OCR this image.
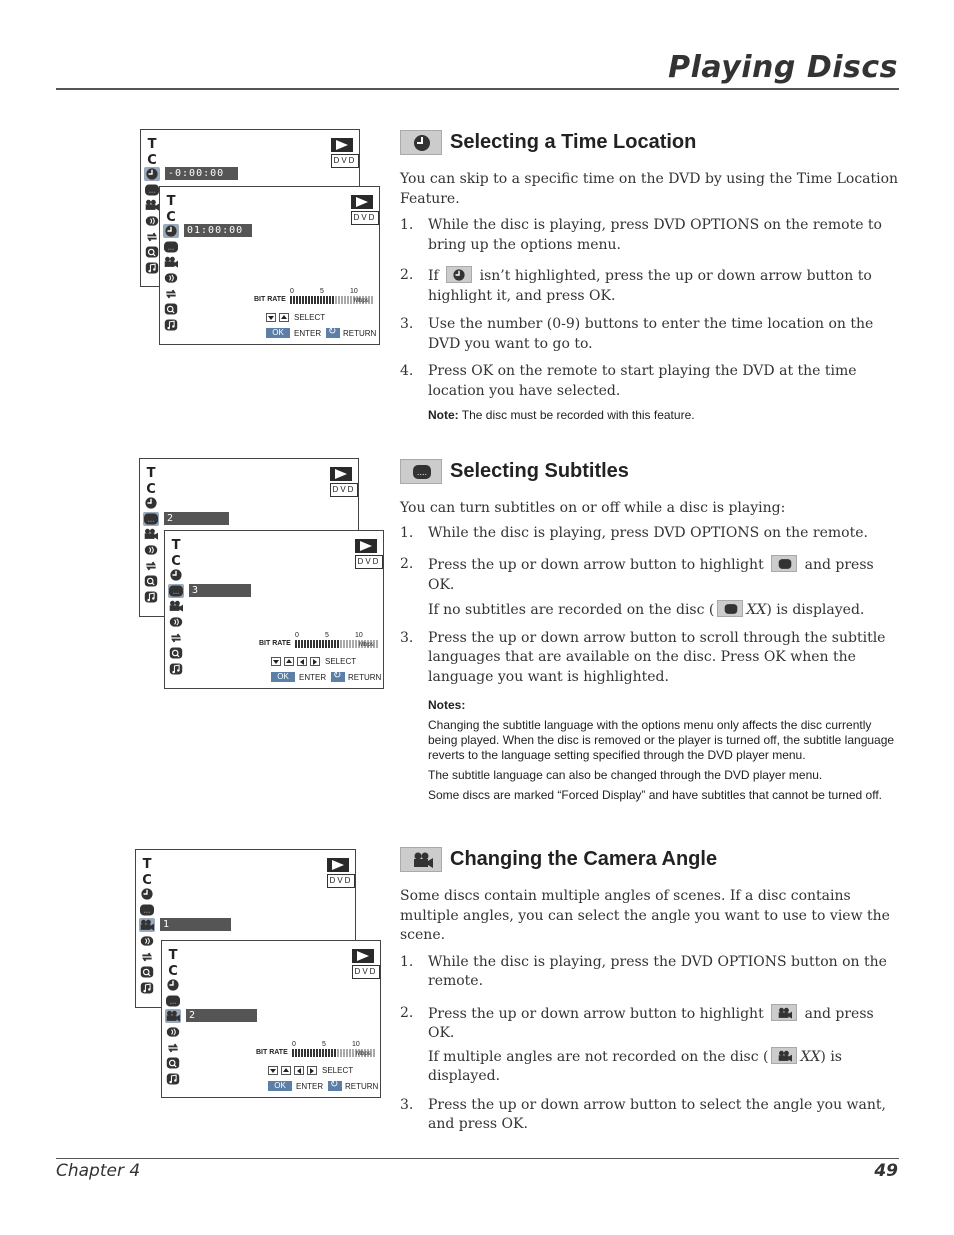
Playing Discs
Selecting a Time Location

You can skip to a specific time on the DVD by using the Time Location Feature.

1. While the disc is playing, press DVD OPTIONS on the remote to bring up the options menu.
2. If	isn’t highlighted, press the up or down arrow button to highlight it, and press OK.
3. Use the number (0-9) buttons to enter the time location on the DVD you want to go to.
4. Press OK on the remote to start playing the DVD at the time location you have selected.
Note: The disc must be recorded with this feature.
.... Selecting Subtitles

You can turn subtitles on or off while a disc is playing:

1. While the disc is playing, press DVD OPTIONS on the remote.
2. Press the up or down arrow button to highlight	and press OK.
If no subtitles are recorded on the disc ( XX) is displayed.
3. Press the up or down arrow button to scroll through the subtitle languages that are available on the disc. Press OK when the language you want is highlighted.
Notes:
Changing the subtitle language with the options menu only affects the disc currently being played. When the disc is removed or the player is turned off, the subtitle language reverts to the language setting specified through the DVD player menu.
The subtitle language can also be changed through the DVD player menu.
Some discs are marked “Forced Display” and have subtitles that cannot be turned off.
Changing the Camera Angle

Some discs contain multiple angles of scenes. If a disc contains multiple angles, you can select the angle you want to use to view the scene.

1. While the disc is playing, press the DVD OPTIONS button on the remote.
2. Press the up or down arrow button to highlight	and press OK.
If multiple angles are not recorded on the disc ( XX) is displayed.
3. Press the up or down arrow button to select the angle you want, and press OK.
T
C
....
DVD
-0:00:00
T
C
....
DVD
01:00:00
BIT RATE
0	5	10
Mbps
SELECT
OK	ENTER ↻	RETURN
T
C
....
DVD
2
T
C
....
DVD
3 SPANISH
BIT RATE
0	5	10
Mbps
SELECT
OK	ENTER ↻	RETURN
T
C
....
DVD
1
T
C
....
DVD
2
BIT RATE
0	5	10
Mbps
SELECT
OK	ENTER ↻	RETURN
Chapter 4	49
